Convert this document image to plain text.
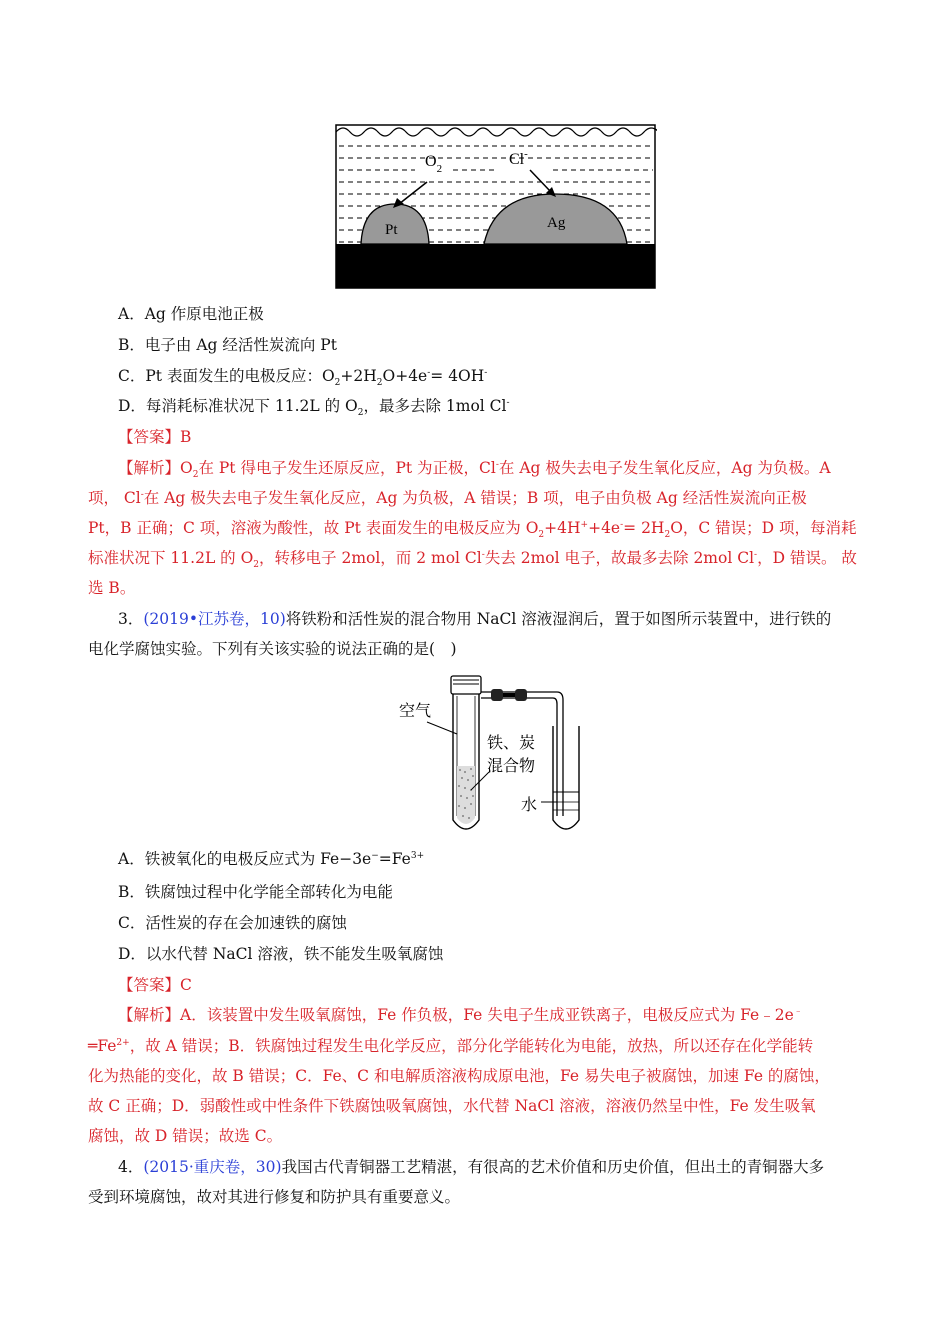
$O_2$
Cl-
Pt	Ag
A．Ag 作原电池正极
B．电子由 Ag 经活性炭流向 Pt
C．Pt 表面发生的电极反应：$O_2+2H_2O+4e^-= 4OH^-$
D．每消耗标准状况下 11.2L 的 $O_2$，最多去除 1mol Cl-
【答案】B
【解析】$O_2$在 Pt 得电子发生还原反应，Pt 为正极，Cl-在 Ag 极失去电子发生氧化反应，Ag 为负极。A
项， Cl-在 Ag 极失去电子发生氧化反应，Ag 为负极，A 错误；B 项，电子由负极 Ag 经活性炭流向正极
Pt，B 正确；C 项，溶液为酸性，故 Pt 表面发生的电极反应为 $O_2+4H^++4e^-= 2H_2O$，C 错误；D 项，每消耗
标准状况下 11.2L 的 $O_2$，转移电子 2mol，而 2 mol Cl-失去 2mol 电子，故最多去除 2mol Cl-，D 错误。 故
选 B。
3．(2019•江苏卷，10)将铁粉和活性炭的混合物用 NaCl 溶液湿润后，置于如图所示装置中，进行铁的
电化学腐蚀实验。下列有关该实验的说法正确的是(　)
空气
铁、炭
混合物
水
A．铁被氧化的电极反应式为 $Fe-3e^-=Fe^{3+}$
B．铁腐蚀过程中化学能全部转化为电能
C．活性炭的存在会加速铁的腐蚀
D．以水代替 NaCl 溶液，铁不能发生吸氧腐蚀
【答案】C
【解析】A．该装置中发生吸氧腐蚀，Fe 作负极，Fe 失电子生成亚铁离子，电极反应式为 Fe﹣2e﹣
$═Fe^{2+}$，故 A 错误；B．铁腐蚀过程发生电化学反应，部分化学能转化为电能，放热，所以还存在化学能转
化为热能的变化，故 B 错误；C．Fe、C 和电解质溶液构成原电池，Fe 易失电子被腐蚀，加速 Fe 的腐蚀，
故 C 正确；D．弱酸性或中性条件下铁腐蚀吸氧腐蚀，水代替 NaCl 溶液，溶液仍然呈中性，Fe 发生吸氧
腐蚀，故 D 错误；故选 C。
4．(2015·重庆卷，30)我国古代青铜器工艺精湛，有很高的艺术价值和历史价值，但出土的青铜器大多
受到环境腐蚀，故对其进行修复和防护具有重要意义。
